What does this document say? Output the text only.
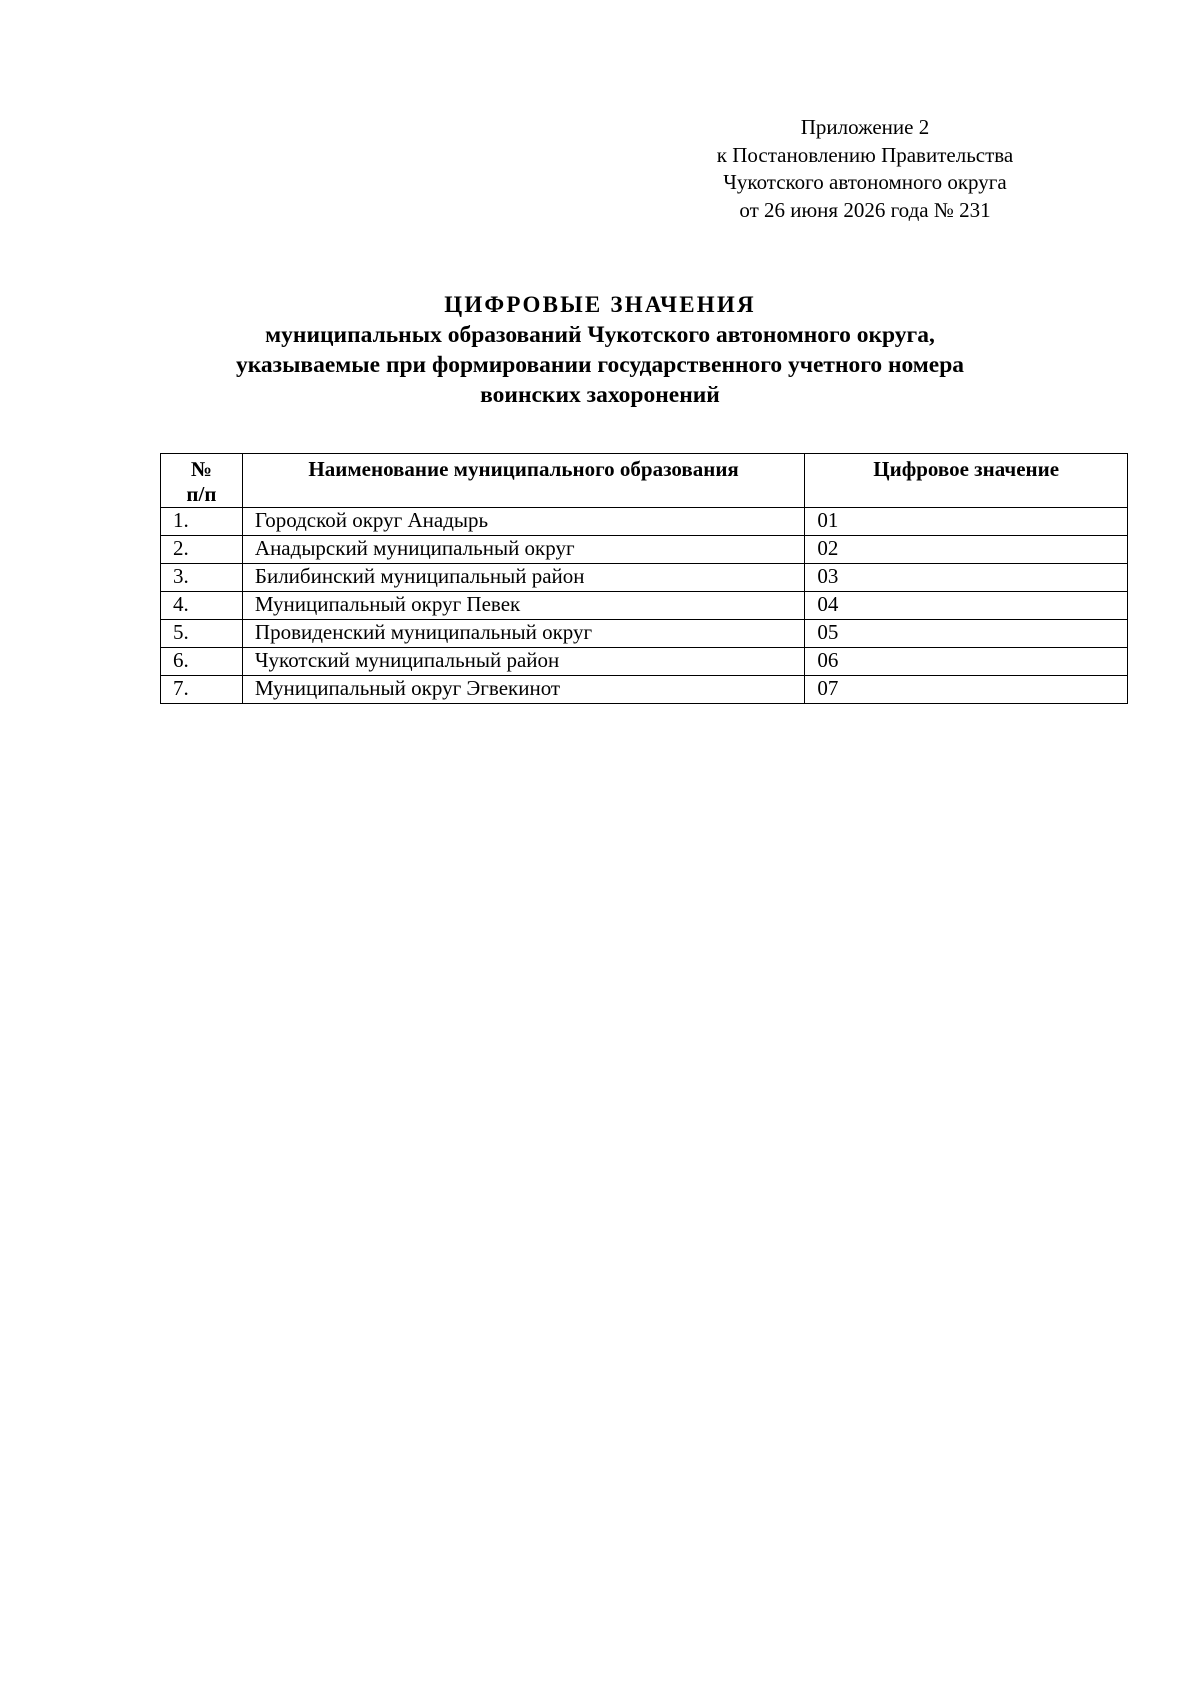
Приложение 2
к Постановлению Правительства
Чукотского автономного округа
от 26 июня 2026 года № 231
ЦИФРОВЫЕ ЗНАЧЕНИЯ
муниципальных образований Чукотского автономного округа,
указываемые при формировании государственного учетного номера
воинских захоронений
№
п/п	Наименование муниципального образования	Цифровое значение
1.	Городской округ Анадырь	01
2.	Анадырский муниципальный округ	02
3.	Билибинский муниципальный район	03
4.	Муниципальный округ Певек	04
5.	Провиденский муниципальный округ	05
6.	Чукотский муниципальный район	06
7.	Муниципальный округ Эгвекинот	07
